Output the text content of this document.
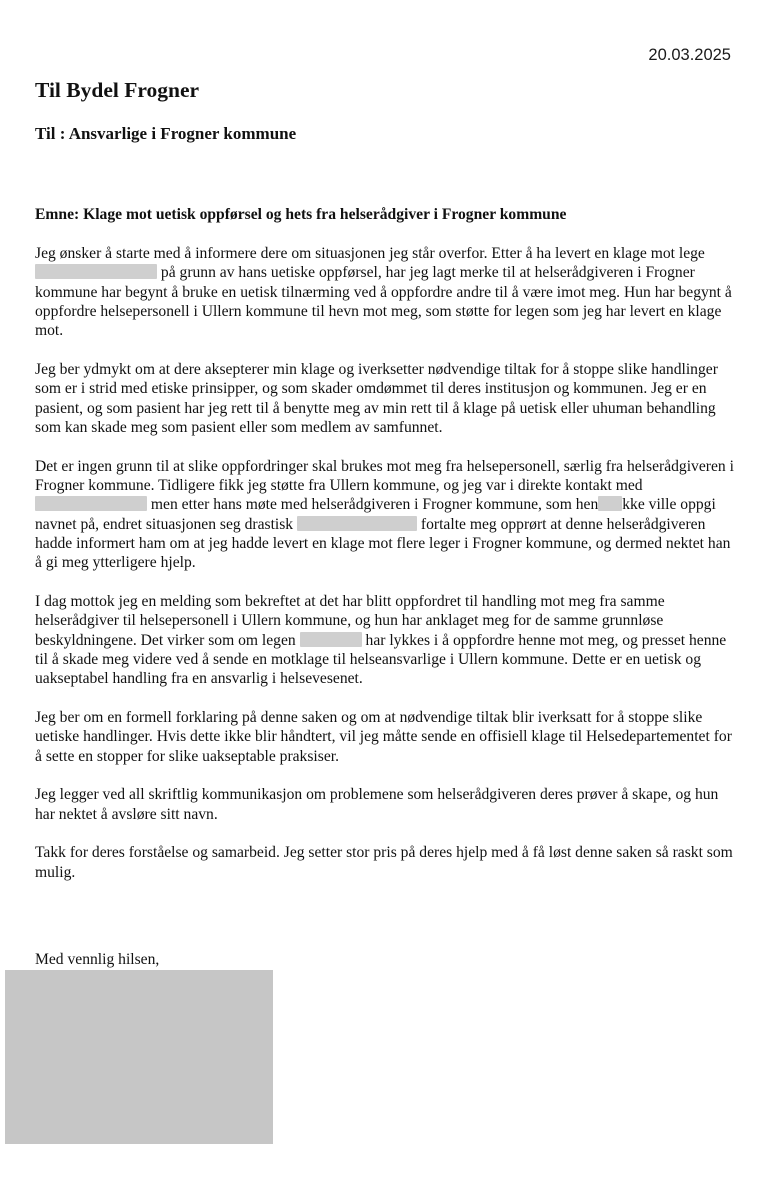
20.03.2025
Til Bydel Frogner
Til : Ansvarlige i Frogner kommune
Emne: Klage mot uetisk oppførsel og hets fra helserådgiver i Frogner kommune

Jeg ønsker å starte med å informere dere om situasjonen jeg står overfor. Etter å ha levert en klage mot lege  på grunn av hans uetiske oppførsel, har jeg lagt merke til at helserådgiveren i Frogner kommune har begynt å bruke en uetisk tilnærming ved å oppfordre andre til å være imot meg. Hun har begynt å oppfordre helsepersonell i Ullern kommune til hevn mot meg, som støtte for legen som jeg har levert en klage mot.

Jeg ber ydmykt om at dere aksepterer min klage og iverksetter nødvendige tiltak for å stoppe slike handlinger som er i strid med etiske prinsipper, og som skader omdømmet til deres institusjon og kommunen. Jeg er en pasient, og som pasient har jeg rett til å benytte meg av min rett til å klage på uetisk eller uhuman behandling som kan skade meg som pasient eller som medlem av samfunnet.

Det er ingen grunn til at slike oppfordringer skal brukes mot meg fra helsepersonell, særlig fra helserådgiveren i Frogner kommune. Tidligere fikk jeg støtte fra Ullern kommune, og jeg var i direkte kontakt med  men etter hans møte med helserådgiveren i Frogner kommune, som hen kke ville oppgi navnet på, endret situasjonen seg drastisk	fortalte meg opprørt at denne helserådgiveren hadde informert ham om at jeg hadde levert en klage mot flere leger i Frogner kommune, og dermed nektet han å gi meg ytterligere hjelp.

I dag mottok jeg en melding som bekreftet at det har blitt oppfordret til handling mot meg fra samme helserådgiver til helsepersonell i Ullern kommune, og hun har anklaget meg for de samme grunnløse beskyldningene. Det virker som om legen	har lykkes i å oppfordre henne mot meg, og presset henne til å skade meg videre ved å sende en motklage til helseansvarlige i Ullern kommune. Dette er en uetisk og uakseptabel handling fra en ansvarlig i helsevesenet.

Jeg ber om en formell forklaring på denne saken og om at nødvendige tiltak blir iverksatt for å stoppe slike uetiske handlinger. Hvis dette ikke blir håndtert, vil jeg måtte sende en offisiell klage til Helsedepartementet for å sette en stopper for slike uakseptable praksiser.

Jeg legger ved all skriftlig kommunikasjon om problemene som helserådgiveren deres prøver å skape, og hun har nektet å avsløre sitt navn.

Takk for deres forståelse og samarbeid. Jeg setter stor pris på deres hjelp med å få løst denne saken så raskt som mulig.

Med vennlig hilsen,
